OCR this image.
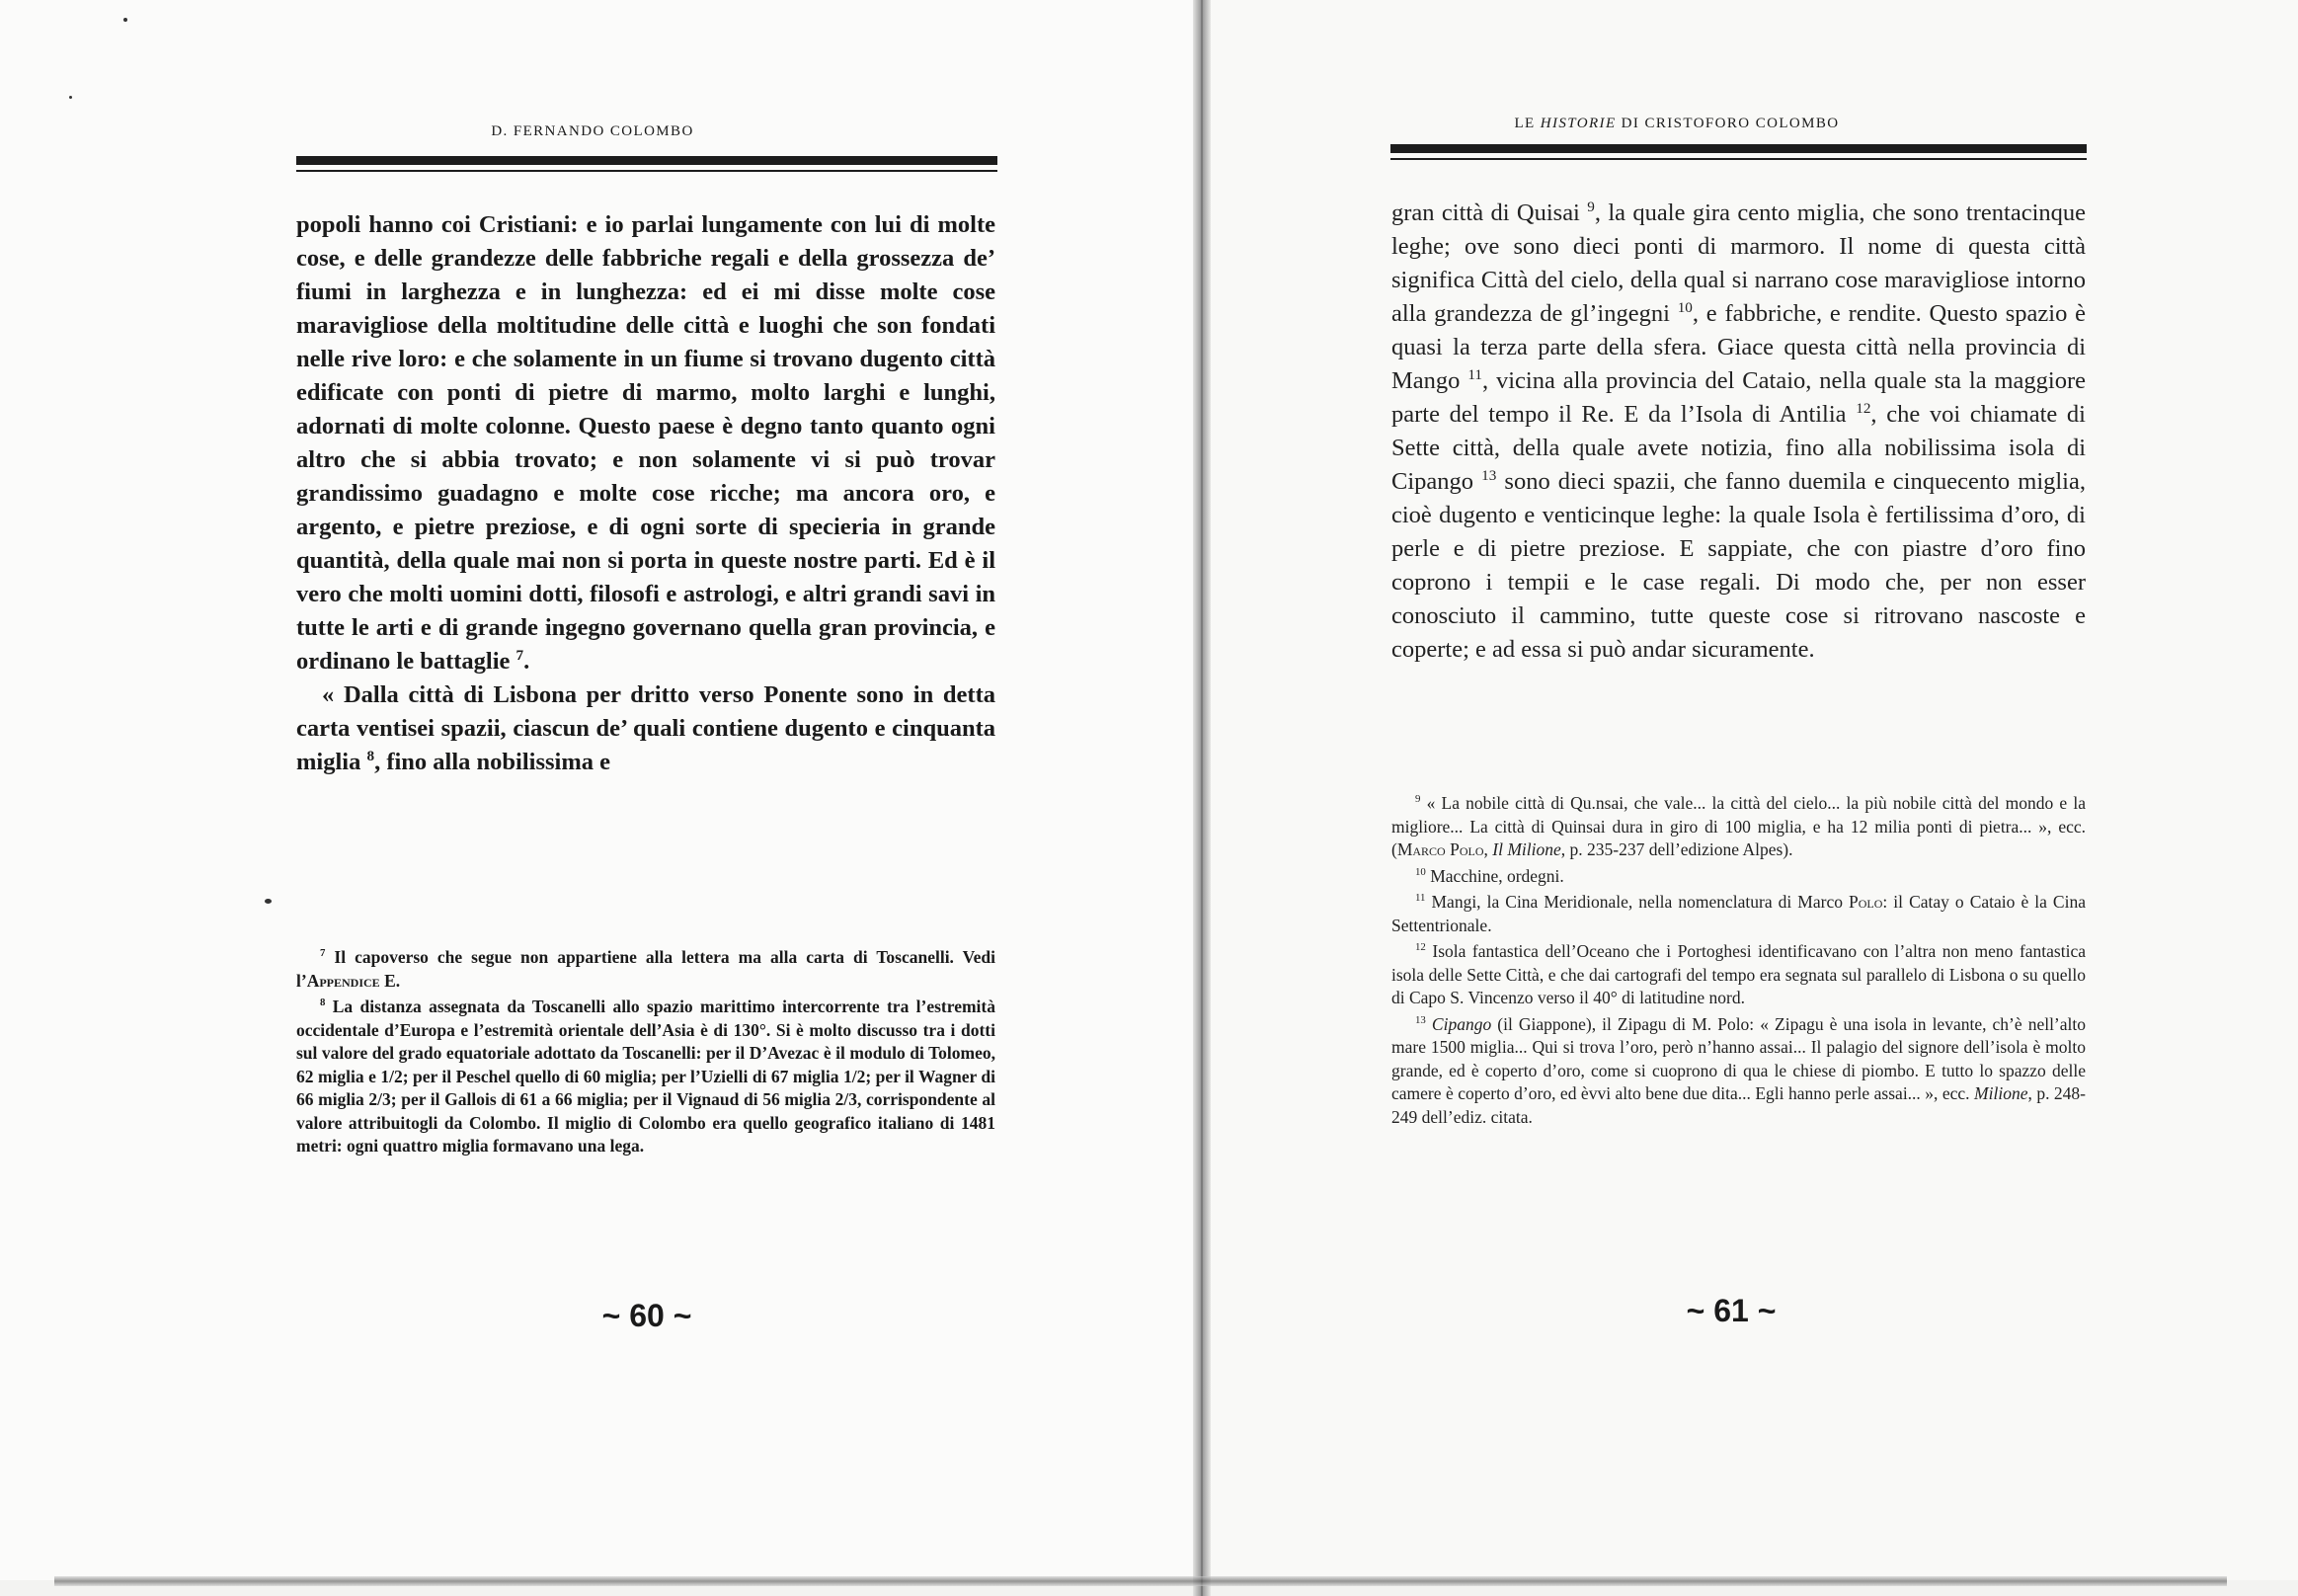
D. FERNANDO COLOMBO

popoli hanno coi Cristiani: e io parlai lungamente con lui di molte cose, e delle grandezze delle fabbriche regali e della grossezza de’ fiumi in larghezza e in lunghezza: ed ei mi disse molte cose maravigliose della moltitudine delle città e luoghi che son fondati nelle rive loro: e che solamente in un fiume si trovano dugento città edificate con ponti di pietre di marmo, molto larghi e lunghi, adornati di molte colonne. Questo paese è degno tanto quanto ogni altro che si abbia trovato; e non solamente vi si può trovar grandissimo guadagno e molte cose ricche; ma ancora oro, e argento, e pietre preziose, e di ogni sorte di specieria in grande quantità, della quale mai non si porta in queste nostre parti. Ed è il vero che molti uomini dotti, filosofi e astrologi, e altri grandi savi in tutte le arti e di grande ingegno governano quella gran provincia, e ordinano le battaglie $^7$.

« Dalla città di Lisbona per dritto verso Ponente sono in detta carta ventisei spazii, ciascun de’ quali contiene dugento e cinquanta miglia $^8$, fino alla nobilissima e

$^7$ Il capoverso che segue non appartiene alla lettera ma alla carta di Toscanelli. Vedi l’Appendice E.

$^8$ La distanza assegnata da Toscanelli allo spazio marittimo intercorrente tra l’estremità occidentale d’Europa e l’estremità orientale dell’Asia è di 130°. Si è molto discusso tra i dotti sul valore del grado equatoriale adottato da Toscanelli: per il D’Avezac è il modulo di Tolomeo, 62 miglia e 1/2; per il Peschel quello di 60 miglia; per l’Uzielli di 67 miglia 1/2; per il Wagner di 66 miglia 2/3; per il Gallois di 61 a 66 miglia; per il Vignaud di 56 miglia 2/3, corrispondente al valore attribuitogli da Colombo. Il miglio di Colombo era quello geografico italiano di 1481 metri: ogni quattro miglia formavano una lega.

~ 60 ~
LE HISTORIE DI CRISTOFORO COLOMBO

gran città di Quisai $^9$, la quale gira cento miglia, che sono trentacinque leghe; ove sono dieci ponti di marmoro. Il nome di questa città significa Città del cielo, della qual si narrano cose maravigliose intorno alla grandezza de gl’ingegni $^{10}$, e fabbriche, e rendite. Questo spazio è quasi la terza parte della sfera. Giace questa città nella provincia di Mango $^{11}$, vicina alla provincia del Cataio, nella quale sta la maggiore parte del tempo il Re. E da l’Isola di Antilia $^{12}$, che voi chiamate di Sette città, della quale avete notizia, fino alla nobilissima isola di Cipango $^{13}$ sono dieci spazii, che fanno duemila e cinquecento miglia, cioè dugento e venticinque leghe: la quale Isola è fertilissima d’oro, di perle e di pietre preziose. E sappiate, che con piastre d’oro fino coprono i tempii e le case regali. Di modo che, per non esser conosciuto il cammino, tutte queste cose si ritrovano nascoste e coperte; e ad essa si può andar sicuramente.

$^9$ « La nobile città di Qu.nsai, che vale... la città del cielo... la più nobile città del mondo e la migliore... La città di Quinsai dura in giro di 100 miglia, e ha 12 milia ponti di pietra... », ecc. (Marco Polo, Il Milione, p. 235-237 dell’edizione Alpes).

$^{10}$ Macchine, ordegni.

$^{11}$ Mangi, la Cina Meridionale, nella nomenclatura di Marco Polo: il Catay o Cataio è la Cina Settentrionale.

$^{12}$ Isola fantastica dell’Oceano che i Portoghesi identificavano con l’altra non meno fantastica isola delle Sette Città, e che dai cartografi del tempo era segnata sul parallelo di Lisbona o su quello di Capo S. Vincenzo verso il 40° di latitudine nord.

$^{13}$ Cipango (il Giappone), il Zipagu di M. Polo: « Zipagu è una isola in levante, ch’è nell’alto mare 1500 miglia... Qui si trova l’oro, però n’hanno assai... Il palagio del signore dell’isola è molto grande, ed è coperto d’oro, come si cuoprono di qua le chiese di piombo. E tutto lo spazzo delle camere è coperto d’oro, ed èvvi alto bene due dita... Egli hanno perle assai... », ecc. Milione, p. 248-249 dell’ediz. citata.

~ 61 ~
